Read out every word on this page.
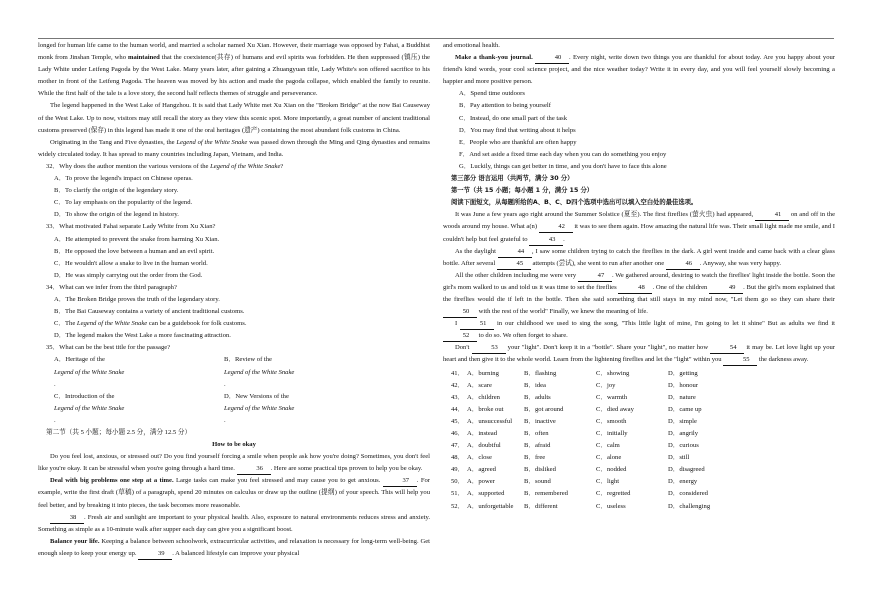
longed for human life came to the human world, and married a scholar named Xu Xian. However, their marriage was opposed by Fahai, a Buddhist monk from Jinshan Temple, who maintained that the coexistence(共存) of humans and evil spirits was forbidden. He then suppressed (镇压) the Lady White under Leifeng Pagoda by the West Lake. Many years later, after gaining a Zhuangyuan title, Lady White's son offered sacrifice to his mother in front of the Leifeng Pagoda. The heaven was moved by his action and made the pagoda collapse, which enabled the family to reunite. While the first half of the tale is a love story, the second half reflects themes of struggle and perseverance.

The legend happened in the West Lake of Hangzhou. It is said that Lady White met Xu Xian on the "Broken Bridge" at the now Bai Causeway of the West Lake. Up to now, visitors may still recall the story as they view this scenic spot. More importantly, a great number of ancient traditional customs preserved (保存) in this legend has made it one of the oral heritages (遗产) containing the most abundant folk customs in China.

Originating in the Tang and Five dynasties, the Legend of the White Snake was passed down through the Ming and Qing dynasties and remains widely circulated today. It has spread to many countries including Japan, Vietnam, and India.

32．Why does the author mention the various versions of the Legend of the White Snake?

A．To prove the legend's impact on Chinese operas.

B．To clarify the origin of the legendary story.

C．To lay emphasis on the popularity of the legend.

D．To show the origin of the legend in history.

33．What motivated Fahai separate Lady White from Xu Xian?

A．He attempted to prevent the snake from harming Xu Xian.

B．He opposed the love between a human and an evil spirit.

C．He wouldn't allow a snake to live in the human world.

D．He was simply carrying out the order from the God.

34．What can we infer from the third paragraph?

A．The Broken Bridge proves the truth of the legendary story.

B．The Bai Causeway contains a variety of ancient traditional customs.

C．The Legend of the White Snake can be a guidebook for folk customs.

D．The legend makes the West Lake a more fascinating attraction.

35．What can be the best title for the passage?

A．Heritage of theLegend of the White Snake.
B．Review of theLegend of the White Snake.
C．Introduction of theLegend of the White Snake.
D．New Versions of theLegend of the White Snake.

第二节（共 5 小题；每小题 2.5 分，满分 12.5 分）

How to be okay

Do you feel lost, anxious, or stressed out? Do you find yourself forcing a smile when people ask how you're doing? Sometimes, you don't feel like you're okay. It can be stressful when you're going through a hard time.	36 . Here are some practical tips proven to help you be okay.

Deal with big problems one step at a time. Large tasks can make you feel stressed and may cause you to get anxious.	37 . For example, write the first draft (草稿) of a paragraph, spend 20 minutes on calculus or draw up the outline (提纲) of your speech. This will help you feel better, and by breaking it into pieces, the task becomes more reasonable.

38 . Fresh air and sunlight are important to your physical health. Also, exposure to natural environments reduces stress and anxiety. Something as simple as a 10-minute walk after supper each day can give you a significant boost.

Balance your life. Keeping a balance between schoolwork, extracurricular activities, and relaxation is necessary for long-term well-being. Get enough sleep to keep your energy up.	39 . A balanced lifestyle can improve your physical

and emotional health.

Make a thank-you journal.	40 . Every night, write down two things you are thankful for about today. Are you happy about your friend's kind words, your cool science project, and the nice weather today? Write it in every day, and you will feel yourself slowly becoming a happier and more positive person.

A．Spend time outdoors

B．Pay attention to being yourself

C．Instead, do one small part of the task

D．You may find that writing about it helps

E．People who are thankful are often happy

F．And set aside a fixed time each day when you can do something you enjoy

G．Luckily, things can get better in time, and you don't have to face this alone

第三部分 语言运用（共两节，满分 30 分）

第一节（共 15 小题；每小题 1 分，满分 15 分）

阅读下面短文，从每题所给的A、B、C、D四个选项中选出可以填入空白处的最佳选项。

It was June a few years ago right around the Summer Solstice (夏至). The first fireflies (萤火虫) had appeared,	41 on and off in the woods around my house. What a(n)	42 it was to see them again. How amazing the natural life was. Their small light made me smile, and I couldn't help but feel grateful to	43 .

As the daylight	44 , I saw some children trying to catch the fireflies in the dark. A girl went inside and came back with a clear glass bottle. After several	45 attempts (尝试), she went to run after another one	46 . Anyway, she was very happy.

All the other children including me were very	47 . We gathered around, desiring to watch the fireflies' light inside the bottle. Soon the girl's mom walked to us and told us it was time to set the fireflies	48 . One of the children	49 . But the girl's mom explained that the fireflies would die if left in the bottle. Then she said something that still stays in my mind now, "Let them go so they can share their 50 with the rest of the world" Finally, we knew the meaning of life.

I	51 in our childhood we used to sing the song, "This little light of mine, I'm going to let it shine" But as adults we find it 52 to do so. We often forget to share.

Don't	53 your "light". Don't keep it in a "bottle". Share your "light", no matter how	54 it may be. Let love light up your heart and then give it to the whole world. Learn from the lightening fireflies and let the "light" within you	55 the darkness away.

41． A．burning	B．flashing	C．showing	D．getting
42． A．scare	B．idea	C．joy	D．honour
43． A．children	B．adults	C．warmth	D．nature
44． A．broke out	B．got around	C．died away	D．came up
45． A．unsuccessful	B．inactive	C．smooth	D．simple
46． A．instead	B．often	C．initially	D．angrily
47． A．doubtful	B．afraid	C．calm	D．curious
48． A．close	B．free	C．alone	D．still
49． A．agreed	B．disliked	C．nodded	D．disagreed
50． A．power	B．sound	C．light	D．energy
51． A．supported	B．remembered	C．regretted	D．considered
52． A．unforgettable	B．different	C．useless	D．challenging
